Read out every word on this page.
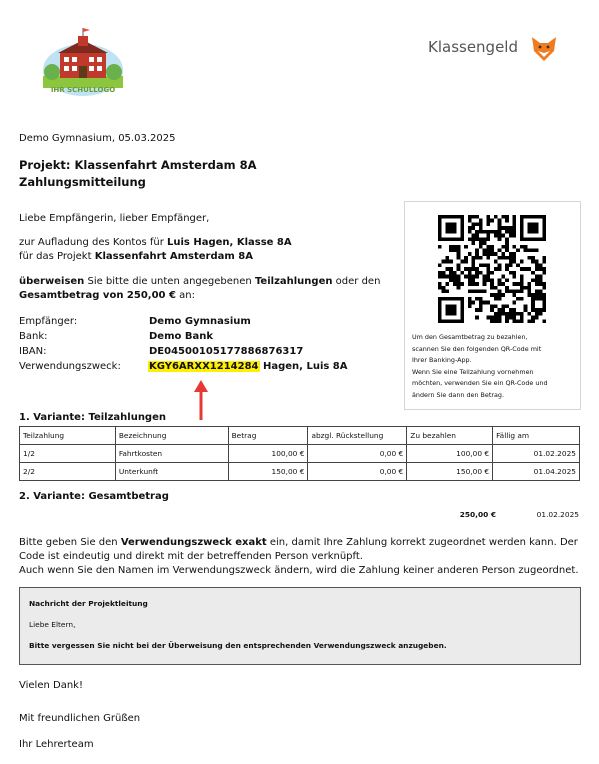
IHR SCHULLOGO
Klassengeld
Demo Gymnasium, 05.03.2025
Projekt: Klassenfahrt Amsterdam 8A
Zahlungsmitteilung
Liebe Empfängerin, lieber Empfänger,
zur Aufladung des Kontos für Luis Hagen, Klasse 8A
für das Projekt Klassenfahrt Amsterdam 8A
überweisen Sie bitte die unten angegebenen Teilzahlungen oder den
Gesamtbetrag von 250,00 € an:
Empfänger:	Demo Gymnasium
Bank:	Demo Bank
IBAN:	DE04500105177886876317
Verwendungszweck:	KGY6ARXX1214284 Hagen, Luis 8A
Um den Gesamtbetrag zu bezahlen,
scannen Sie den folgenden QR-Code mit
Ihrer Banking-App.
Wenn Sie eine Teilzahlung vornehmen
möchten, verwenden Sie ein QR-Code und
ändern Sie dann den Betrag.
1. Variante: Teilzahlungen
Teilzahlung	Bezeichnung	Betrag	abzgl. Rückstellung	Zu bezahlen	Fällig am
1/2	Fahrtkosten	100,00 €	0,00 €	100,00 €	01.02.2025
2/2	Unterkunft	150,00 €	0,00 €	150,00 €	01.04.2025
2. Variante: Gesamtbetrag
250,00 €	01.02.2025
Bitte geben Sie den Verwendungszweck exakt ein, damit Ihre Zahlung korrekt zugeordnet werden kann. Der
Code ist eindeutig und direkt mit der betreffenden Person verknüpft.
Auch wenn Sie den Namen im Verwendungszweck ändern, wird die Zahlung keiner anderen Person zugeordnet.
Nachricht der Projektleitung
Liebe Eltern,
Bitte vergessen Sie nicht bei der Überweisung den entsprechenden Verwendungszweck anzugeben.
Vielen Dank!
Mit freundlichen Grüßen
Ihr Lehrerteam
